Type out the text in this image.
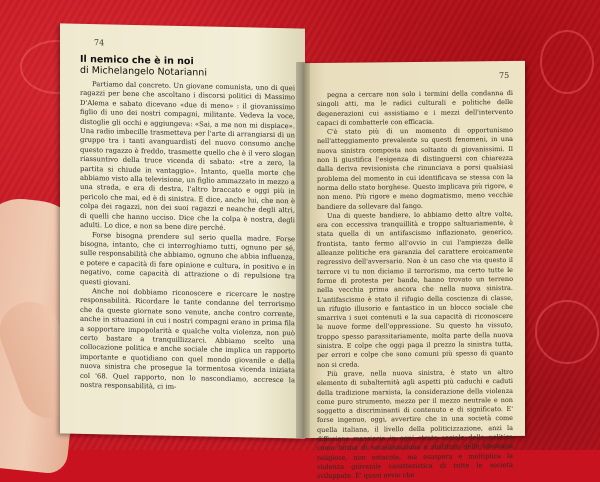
74

Il nemico che è in noi

di Michelangelo Notarianni

Partiamo dal concreto. Un giovane comunista, uno di quei ragazzi per bene che ascoltano i discorsi politici di Massimo D'Alema e sabato dicevano «due di meno» : il giovanissimo figlio di uno dei nostri compagni, militante. Vedeva la voce, distoglie gli occhi e aggiungeva: «Sai, a me non mi dispiace». Una radio imbecille trasmetteva per l'arte di arrangiarsi di un gruppo tra i tanti avanguardisti del nuovo consumo anche questo ragazzo è freddo, trasmette quello che è il vero slogan riassuntivo della truce vicenda di sabato: «tre a zero, la partita si chiude in vantaggio». Intanto, quella morte che abbiamo visto alla televisione, un figlio ammazzato in mezzo a una strada, e era di destra, l'altro braccato e oggi più in pericolo che mai, ed è di sinistra. E dice, anche lui, che non è colpa dei ragazzi, non dei suoi ragazzi e neanche degli altri, di quelli che hanno ucciso. Dice che la colpa è nostra, degli adulti. Lo dice, e non sa bene dire perché.

Forse bisogna prendere sul serio quella madre. Forse bisogna, intanto, che ci interroghiamo tutti, ognuno per sé, sulle responsabilità che abbiamo, ognuno che abbia influenza, e potere e capacità di fare opinione e cultura, in positivo e in negativo, come capacità di attrazione o di repulsione tra questi giovani.

Anche noi dobbiamo riconoscere e ricercare le nostre responsabilità. Ricordare le tante condanne del terrorismo che da queste giornate sono venute, anche contro corrente, anche in situazioni in cui i nostri compagni erano in prima fila a sopportare impopolarità e qualche volta violenza, non può certo bastare a tranquillizzarci. Abbiamo scelto una collocazione politica e anche sociale che implica un rapporto importante e quotidiano con quel mondo giovanile e della nuova sinistra che prosegue la tormentosa vicenda iniziata col '68. Quel rapporto, non lo nascondiamo, accresce la nostra responsabilità, ci im-

75

pegna a cercare non solo i termini della condanna di singoli atti, ma le radici culturali e politiche delle degenerazioni cui assistiamo e i mezzi dell'intervento capaci di combatterle con efficacia.

C'è stato più di un momento di opportunismo nell'atteggiamento prevalente su questi fenomeni, in una nuova sinistra composta non soltanto di giovanissimi. Il non li giustifica l'esigenza di distinguersi con chiarezza dalla deriva revisionista che rinunciava a porsi qualsiasi problema del momento in cui identificava se stessa con la norma dello stato borghese. Questo implicava più rigore, e non meno. Più rigore e meno dogmatismo, meno vecchie bandiere da sollevare dal fango.

Una di queste bandiere, lo abbiamo detto altre volte, era con eccessiva tranquillità e troppo saltuariamente, è stata quella di un antifascismo inflazionato, generico, frontista, tanto fermo all'ovvio in cui l'ampiezza delle alleanze politiche era garanzia del carattere eroicamente regressivo dell'avversario. Non è un caso che via questo il terrore vi tu non diciamo il terrorismo, ma certo tutte le forme di protesta per bande, hanno trovato un terreno nella vecchia prima ancora che nella nuova sinistra. L'antifascismo è stato il rifugio della coscienza di classe, un rifugio illusorio e fantastico in un blocco sociale che smarriva i suoi contenuti e la sua capacità di riconoscere le nuove forme dell'oppressione. Su questo ha vissuto, troppo spesso parassitariamente, molta parte della nuova sinistra. E colpe che oggi paga il prezzo la sinistra tutta, per errori e colpe che sono comuni più spesso di quanto non si creda.

Più grave, nella nuova sinistra, è stato un altro elemento di subalternità agli aspetti più caduchi e caduti della tradizione marxista, la considerazione della violenza come puro strumento, mezzo per il mezzo neutrale e non soggetto a discriminanti di contenuto e di significato. E' forse ingenuo, oggi, avvertire che in una società come quella italiana, il livello della politicizzazione, anzi la diffusione massiccia in ogni strato sociale della politica come forma di socializzazione e sostituto delle ideologie religiose, non ostacola, ma esaspera e moltiplica la violenza giovanile caratteristica di tutte le società sviluppate. E' quasi ovvio che
